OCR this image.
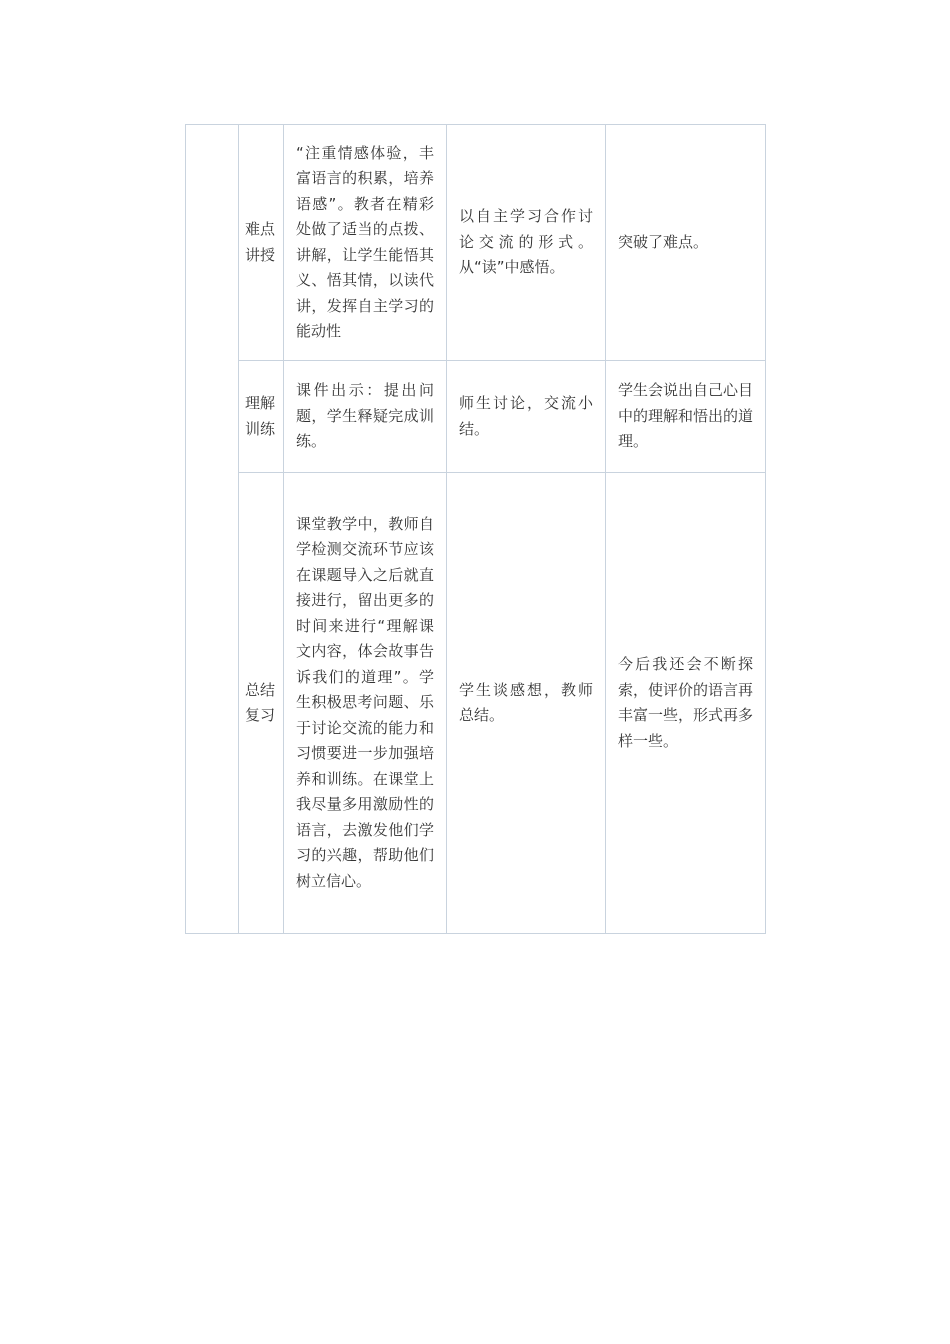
	难点讲授	“注重情感体验，丰富语言的积累，培养语感”。教者在精彩处做了适当的点拨、讲解，让学生能悟其义、悟其情，以读代讲，发挥自主学习的能动性	以自主学习合作讨论交流的形式。从“读”中感悟。	突破了难点。

	理解训练	课件出示：提出问题，学生释疑完成训练。	师生讨论，交流小结。	学生会说出自己心目中的理解和悟出的道理。

	总结复习	课堂教学中，教师自学检测交流环节应该在课题导入之后就直接进行，留出更多的时间来进行“理解课文内容，体会故事告诉我们的道理”。学生积极思考问题、乐于讨论交流的能力和习惯要进一步加强培养和训练。在课堂上我尽量多用激励性的语言，去激发他们学习的兴趣，帮助他们树立信心。	学生谈感想，教师总结。	今后我还会不断探索，使评价的语言再丰富一些，形式再多样一些。
